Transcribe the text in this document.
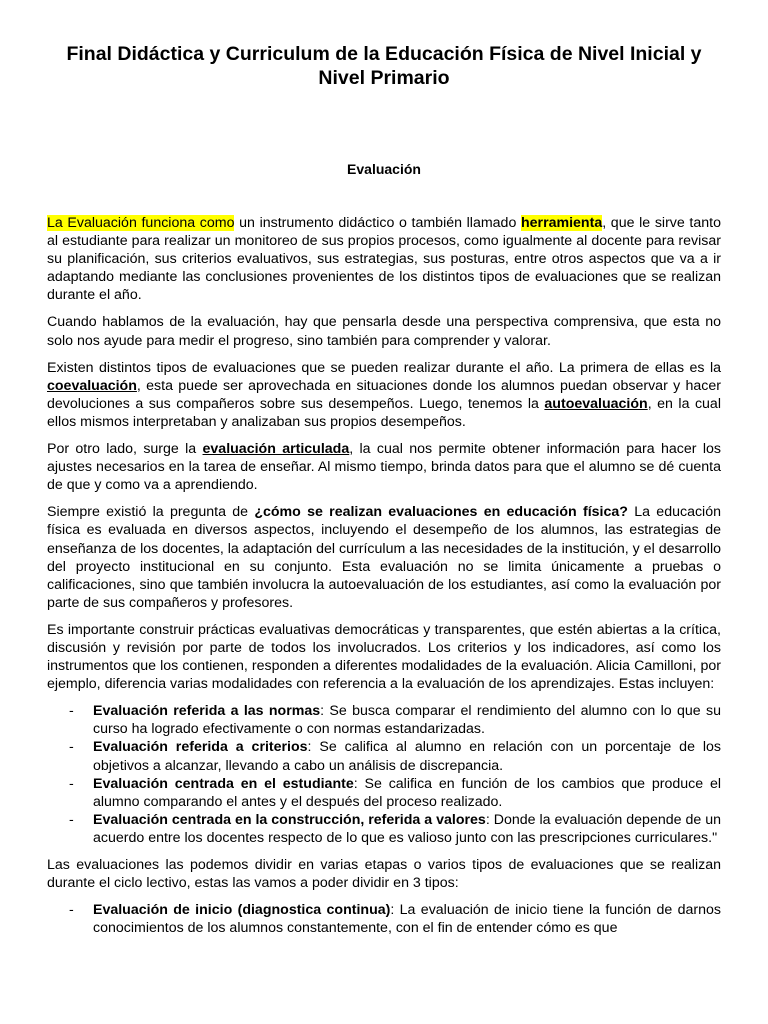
Final Didáctica y Curriculum de la Educación Física de Nivel Inicial y Nivel Primario
Evaluación

La Evaluación funciona como un instrumento didáctico o también llamado herramienta, que le sirve tanto al estudiante para realizar un monitoreo de sus propios procesos, como igualmente al docente para revisar su planificación, sus criterios evaluativos, sus estrategias, sus posturas, entre otros aspectos que va a ir adaptando mediante las conclusiones provenientes de los distintos tipos de evaluaciones que se realizan durante el año.

Cuando hablamos de la evaluación, hay que pensarla desde una perspectiva comprensiva, que esta no solo nos ayude para medir el progreso, sino también para comprender y valorar.

Existen distintos tipos de evaluaciones que se pueden realizar durante el año. La primera de ellas es la coevaluación, esta puede ser aprovechada en situaciones donde los alumnos puedan observar y hacer devoluciones a sus compañeros sobre sus desempeños. Luego, tenemos la autoevaluación, en la cual ellos mismos interpretaban y analizaban sus propios desempeños.

Por otro lado, surge la evaluación articulada, la cual nos permite obtener información para hacer los ajustes necesarios en la tarea de enseñar. Al mismo tiempo, brinda datos para que el alumno se dé cuenta de que y como va a aprendiendo.

Siempre existió la pregunta de ¿cómo se realizan evaluaciones en educación física? La educación física es evaluada en diversos aspectos, incluyendo el desempeño de los alumnos, las estrategias de enseñanza de los docentes, la adaptación del currículum a las necesidades de la institución, y el desarrollo del proyecto institucional en su conjunto. Esta evaluación no se limita únicamente a pruebas o calificaciones, sino que también involucra la autoevaluación de los estudiantes, así como la evaluación por parte de sus compañeros y profesores.

Es importante construir prácticas evaluativas democráticas y transparentes, que estén abiertas a la crítica, discusión y revisión por parte de todos los involucrados. Los criterios y los indicadores, así como los instrumentos que los contienen, responden a diferentes modalidades de la evaluación. Alicia Camilloni, por ejemplo, diferencia varias modalidades con referencia a la evaluación de los aprendizajes. Estas incluyen:

- Evaluación referida a las normas: Se busca comparar el rendimiento del alumno con lo que su curso ha logrado efectivamente o con normas estandarizadas.
- Evaluación referida a criterios: Se califica al alumno en relación con un porcentaje de los objetivos a alcanzar, llevando a cabo un análisis de discrepancia.
- Evaluación centrada en el estudiante: Se califica en función de los cambios que produce el alumno comparando el antes y el después del proceso realizado.
- Evaluación centrada en la construcción, referida a valores: Donde la evaluación depende de un acuerdo entre los docentes respecto de lo que es valioso junto con las prescripciones curriculares."

Las evaluaciones las podemos dividir en varias etapas o varios tipos de evaluaciones que se realizan durante el ciclo lectivo, estas las vamos a poder dividir en 3 tipos:

- Evaluación de inicio (diagnostica continua): La evaluación de inicio tiene la función de darnos conocimientos de los alumnos constantemente, con el fin de entender cómo es que
